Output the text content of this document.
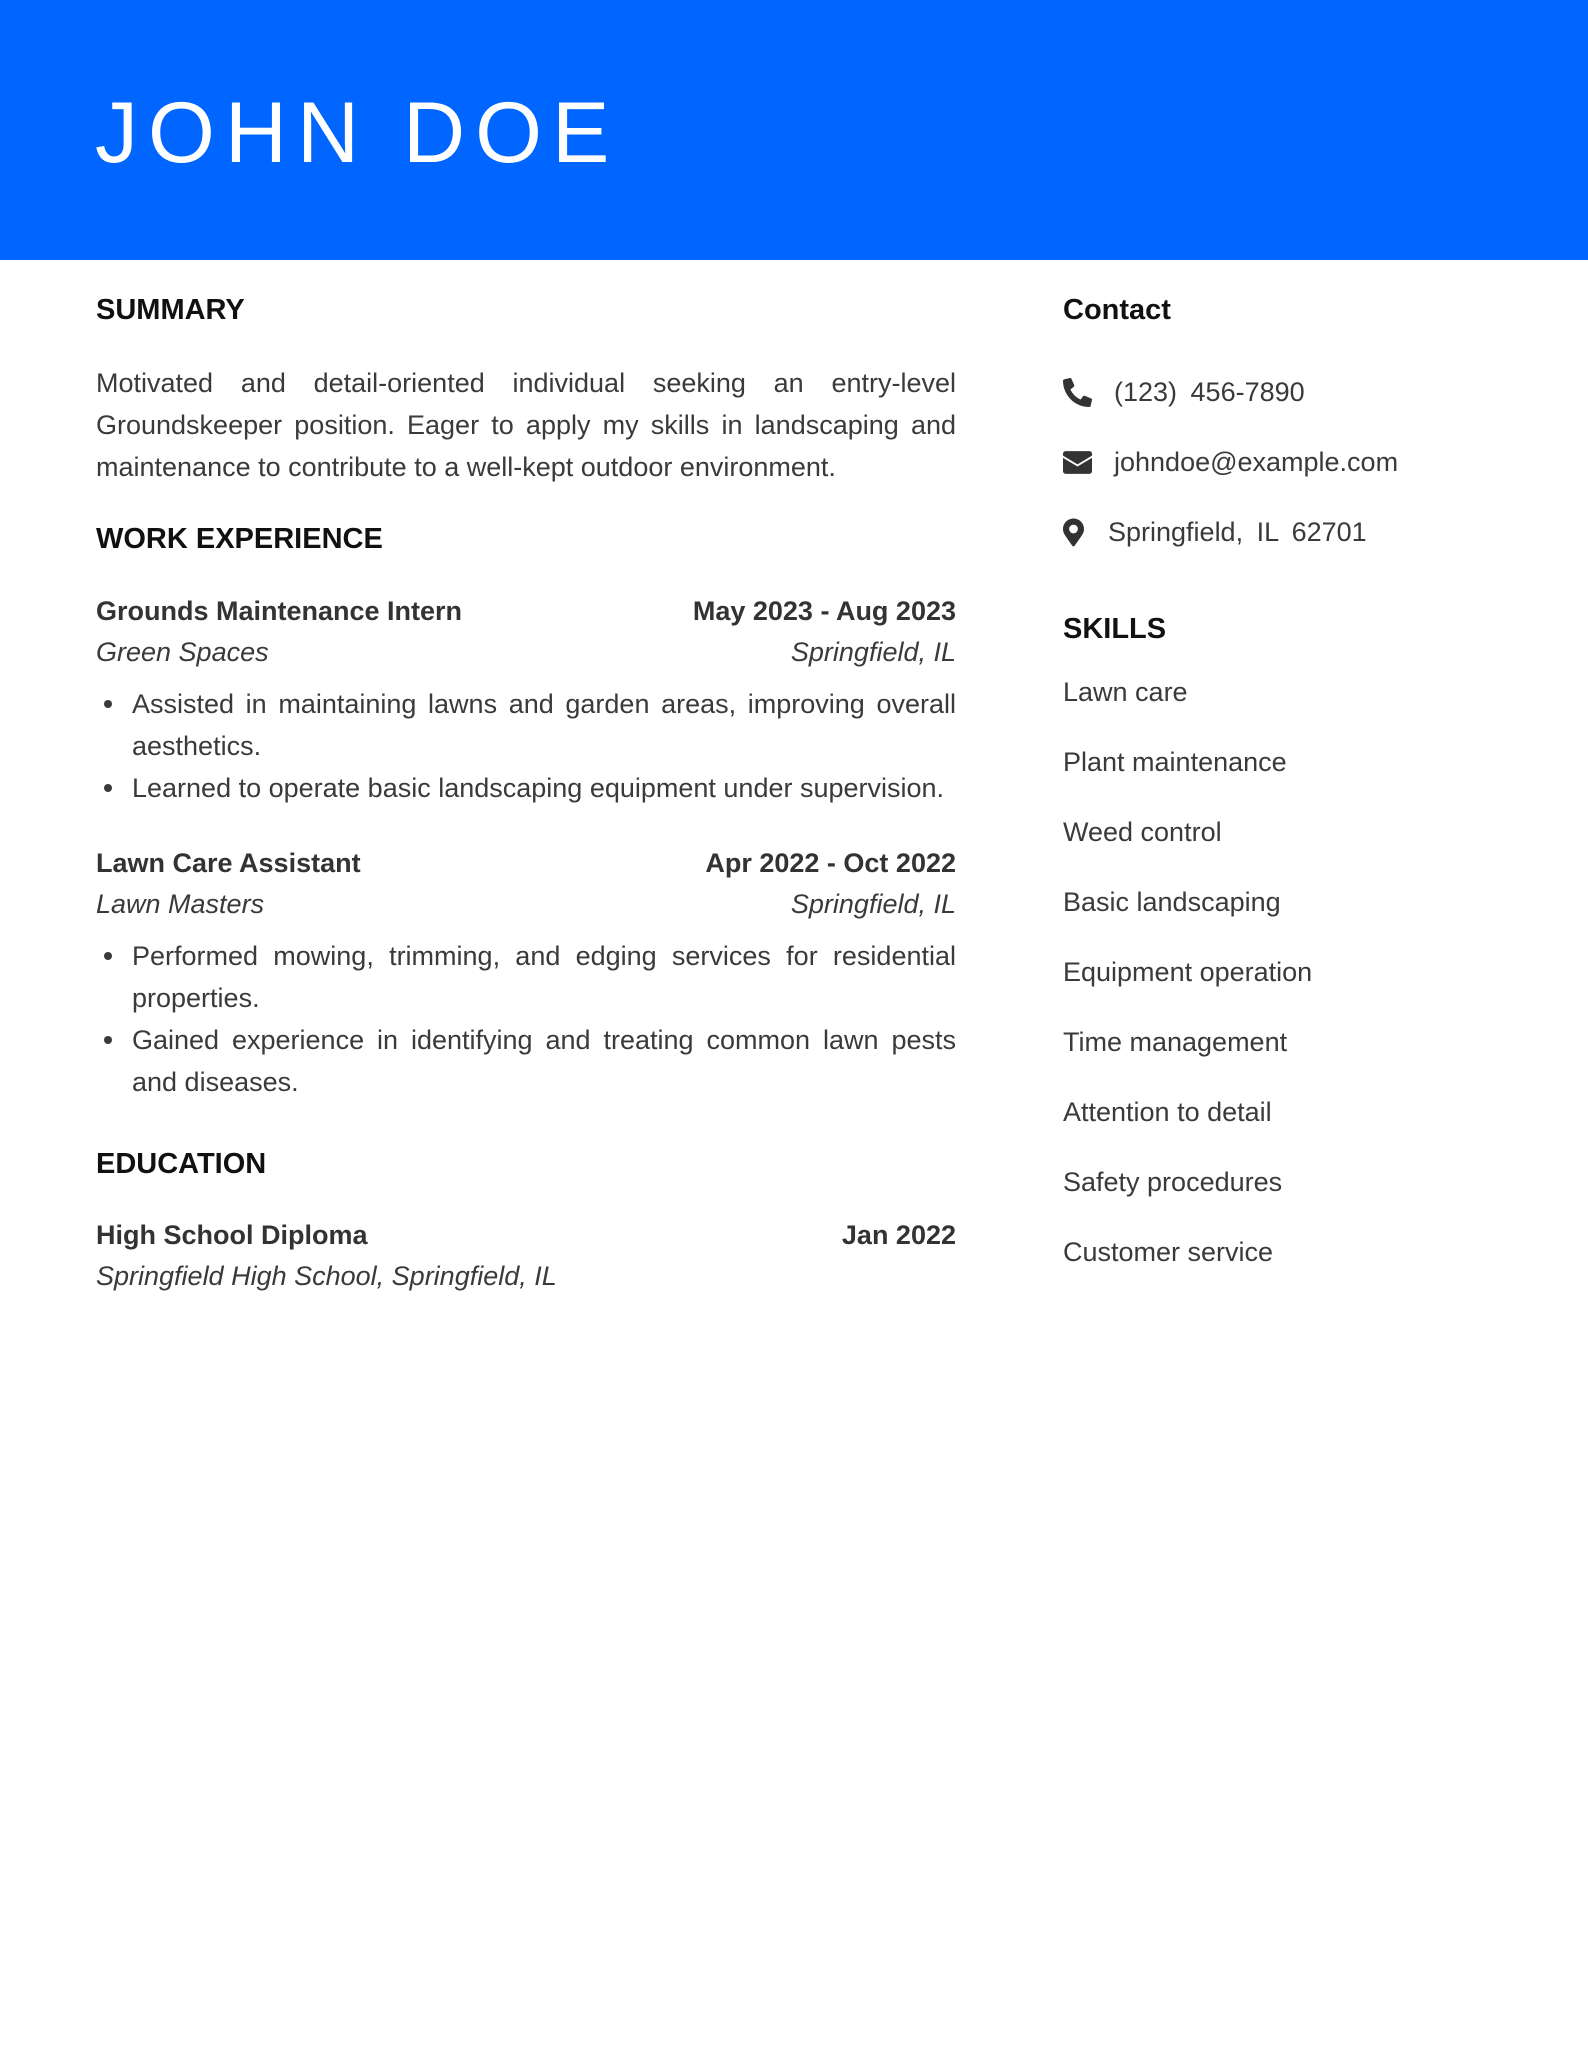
JOHN DOE
SUMMARY

Motivated and detail-oriented individual seeking an entry-level Groundskeeper position. Eager to apply my skills in landscaping and maintenance to contribute to a well-kept outdoor environment.

WORK EXPERIENCE
Grounds Maintenance Intern	May 2023 - Aug 2023
Green Spaces	Springfield, IL
Assisted in maintaining lawns and garden areas, improving overall aesthetics.
Learned to operate basic landscaping equipment under supervision.
Lawn Care Assistant	Apr 2022 - Oct 2022
Lawn Masters	Springfield, IL
Performed mowing, trimming, and edging services for residential properties.
Gained experience in identifying and treating common lawn pests and diseases.
EDUCATION
High School Diploma	Jan 2022
Springfield High School, Springfield, IL
Contact
(123) 456-7890
johndoe@example.com
Springfield, IL 62701
SKILLS
Lawn care
Plant maintenance
Weed control
Basic landscaping
Equipment operation
Time management
Attention to detail
Safety procedures
Customer service
